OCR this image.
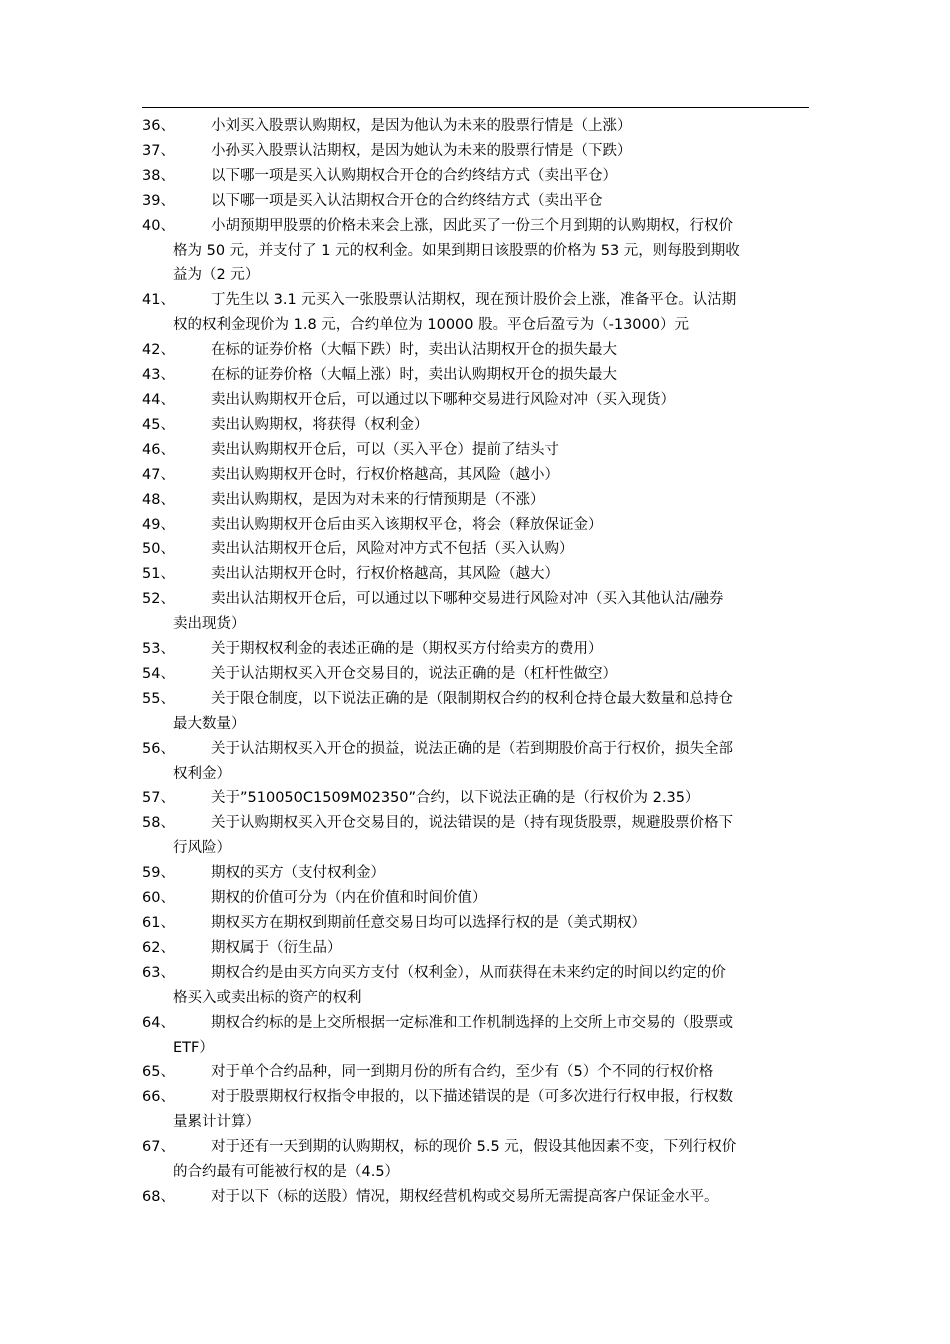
36、	小刘买入股票认购期权，是因为他认为未来的股票行情是（上涨）
37、	小孙买入股票认沽期权，是因为她认为未来的股票行情是（下跌）
38、	以下哪一项是买入认购期权合开仓的合约终结方式（卖出平仓）
39、	以下哪一项是买入认沽期权合开仓的合约终结方式（卖出平仓
40、	小胡预期甲股票的价格未来会上涨，因此买了一份三个月到期的认购期权，行权价
格为 50 元，并支付了 1 元的权利金。如果到期日该股票的价格为 53 元，则每股到期收
益为（2 元）
41、	丁先生以 3.1 元买入一张股票认沽期权，现在预计股价会上涨，准备平仓。认沽期
权的权利金现价为 1.8 元，合约单位为 10000 股。平仓后盈亏为（-13000）元
42、	在标的证券价格（大幅下跌）时，卖出认沽期权开仓的损失最大
43、	在标的证券价格（大幅上涨）时，卖出认购期权开仓的损失最大
44、	卖出认购期权开仓后，可以通过以下哪种交易进行风险对冲（买入现货）
45、	卖出认购期权，将获得（权利金）
46、	卖出认购期权开仓后，可以（买入平仓）提前了结头寸
47、	卖出认购期权开仓时，行权价格越高，其风险（越小）
48、	卖出认购期权，是因为对未来的行情预期是（不涨）
49、	卖出认购期权开仓后由买入该期权平仓，将会（释放保证金）
50、	卖出认沽期权开仓后，风险对冲方式不包括（买入认购）
51、	卖出认沽期权开仓时，行权价格越高，其风险（越大）
52、	卖出认沽期权开仓后，可以通过以下哪种交易进行风险对冲（买入其他认沽/融券
卖出现货）
53、	关于期权权利金的表述正确的是（期权买方付给卖方的费用）
54、	关于认沽期权买入开仓交易目的，说法正确的是（杠杆性做空）
55、	关于限仓制度，以下说法正确的是（限制期权合约的权利仓持仓最大数量和总持仓
最大数量）
56、	关于认沽期权买入开仓的损益，说法正确的是（若到期股价高于行权价，损失全部
权利金）
57、	关于”510050C1509M02350”合约，以下说法正确的是（行权价为 2.35）
58、	关于认购期权买入开仓交易目的，说法错误的是（持有现货股票，规避股票价格下
行风险）
59、	期权的买方（支付权利金）
60、	期权的价值可分为（内在价值和时间价值）
61、	期权买方在期权到期前任意交易日均可以选择行权的是（美式期权）
62、	期权属于（衍生品）
63、	期权合约是由买方向买方支付（权利金），从而获得在未来约定的时间以约定的价
格买入或卖出标的资产的权利
64、	期权合约标的是上交所根据一定标准和工作机制选择的上交所上市交易的（股票或
ETF）
65、	对于单个合约品种，同一到期月份的所有合约，至少有（5）个不同的行权价格
66、	对于股票期权行权指令申报的，以下描述错误的是（可多次进行行权申报，行权数
量累计计算）
67、	对于还有一天到期的认购期权，标的现价 5.5 元，假设其他因素不变，下列行权价
的合约最有可能被行权的是（4.5）
68、	对于以下（标的送股）情况，期权经营机构或交易所无需提高客户保证金水平。
